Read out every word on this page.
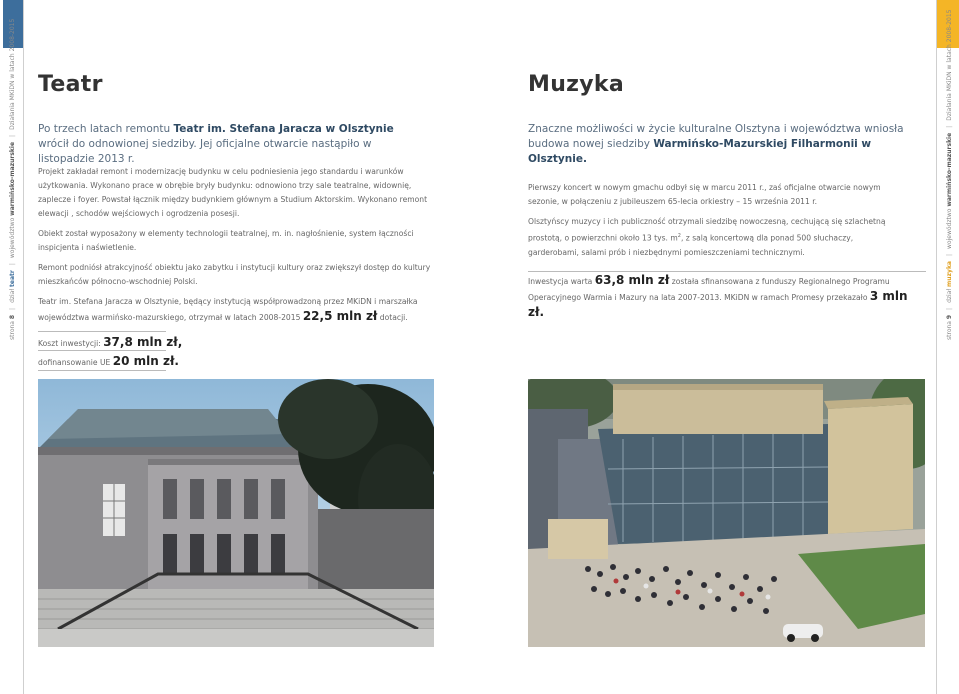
strona 8|dział teatr|województwo warmińsko-mazurskie|Działania MKiDN w latach 2008-2015
strona 9|dział muzyka|województwo warmińsko-mazurskie|Działania MKiDN w latach 2008-2015
Teatr
Po trzech latach remontu Teatr im. Stefana Jaracza w Olsztynie wrócił do odnowionej siedziby. Jej oficjalne otwarcie nastąpiło w listopadzie 2013 r.

Projekt zakładał remont i modernizację budynku w celu podniesienia jego standardu i warunków użytkowania. Wykonano prace w obrębie bryły budynku: odnowiono trzy sale teatralne, widownię, zaplecze i foyer. Powstał łącznik między budynkiem głównym a Studium Aktorskim. Wykonano remont elewacji , schodów wejściowych i ogrodzenia posesji.

Obiekt został wyposażony w elementy technologii teatralnej, m. in. nagłośnienie, system łączności inspicjenta i naświetlenie.

Remont podniósł atrakcyjność obiektu jako zabytku i instytucji kultury oraz zwiększył dostęp do kultury mieszkańców północno-wschodniej Polski.

Teatr im. Stefana Jaracza w Olsztynie, będący instytucją współprowadzoną przez MKiDN i marszałka województwa warmińsko-mazurskiego, otrzymał w latach 2008-2015 22,5 mln zł dotacji.

Koszt inwestycji: 37,8 mln zł,
dofinansowanie UE 20 mln zł.
Muzyka
Znaczne możliwości w życie kulturalne Olsztyna i województwa wniosła budowa nowej siedziby Warmińsko-Mazurskiej Filharmonii w Olsztynie.

Pierwszy koncert w nowym gmachu odbył się w marcu 2011 r., zaś oficjalne otwarcie nowym sezonie, w połączeniu z jubileuszem 65-lecia orkiestry – 15 września 2011 r.

Olsztyńscy muzycy i ich publiczność otrzymali siedzibę nowoczesną, cechującą się szlachetną prostotą, o powierzchni około 13 tys. $m^2$, z salą koncertową dla ponad 500 słuchaczy, garderobami, salami prób i niezbędnymi pomieszczeniami technicznymi.

Inwestycja warta 63,8 mln zł została sfinansowana z funduszy Regionalnego Programu Operacyjnego Warmia i Mazury na lata 2007-2013. MKiDN w ramach Promesy przekazało 3 mln zł.
